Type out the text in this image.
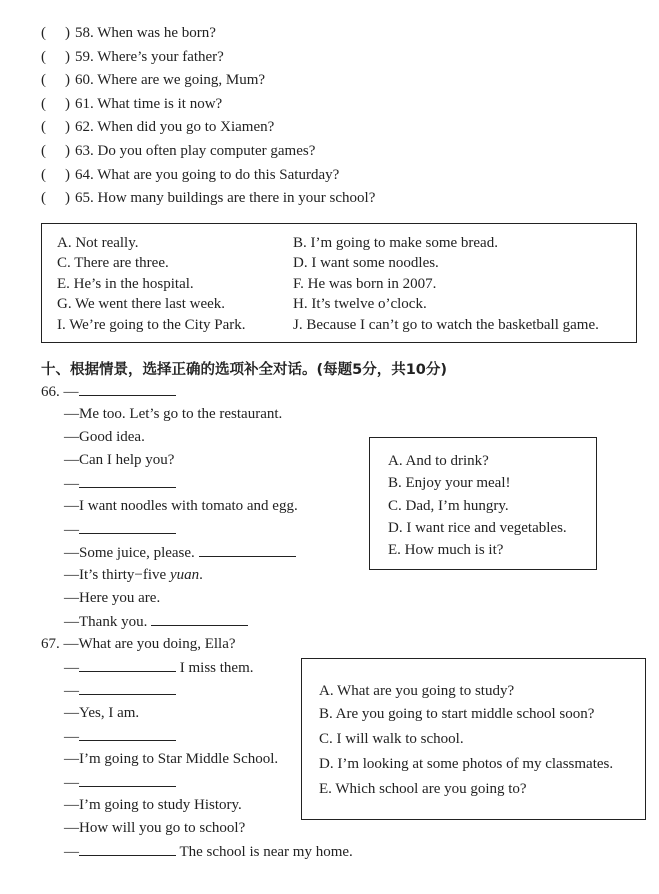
( ) 58. When was he born?
( ) 59. Where’s your father?
( ) 60. Where are we going, Mum?
( ) 61. What time is it now?
( ) 62. When did you go to Xiamen?
( ) 63. Do you often play computer games?
( ) 64. What are you going to do this Saturday?
( ) 65. How many buildings are there in your school?
A. Not really.
C. There are three.
E. He’s in the hospital.
G. We went there last week.
I. We’re going to the City Park.
B. I’m going to make some bread.
D. I want some noodles.
F. He was born in 2007.
H. It’s twelve o’clock.
J. Because I can’t go to watch the basketball game.
十、根据情景，选择正确的选项补全对话。(每题5分，共10分)
66. —
—Me too. Let’s go to the restaurant.
—Good idea.
—Can I help you?
—
—I want noodles with tomato and egg.
—
—Some juice, please.
—It’s thirty−five yuan.
—Here you are.
—Thank you.
A. And to drink?
B. Enjoy your meal!
C. Dad, I’m hungry.
D. I want rice and vegetables.
E. How much is it?
67. —What are you doing, Ella?
—	I miss them.
—
—Yes, I am.
—
—I’m going to Star Middle School.
—
—I’m going to study History.
—How will you go to school?
—	The school is near my home.
A. What are you going to study?
B. Are you going to start middle school soon?
C. I will walk to school.
D. I’m looking at some photos of my classmates.
E. Which school are you going to?
